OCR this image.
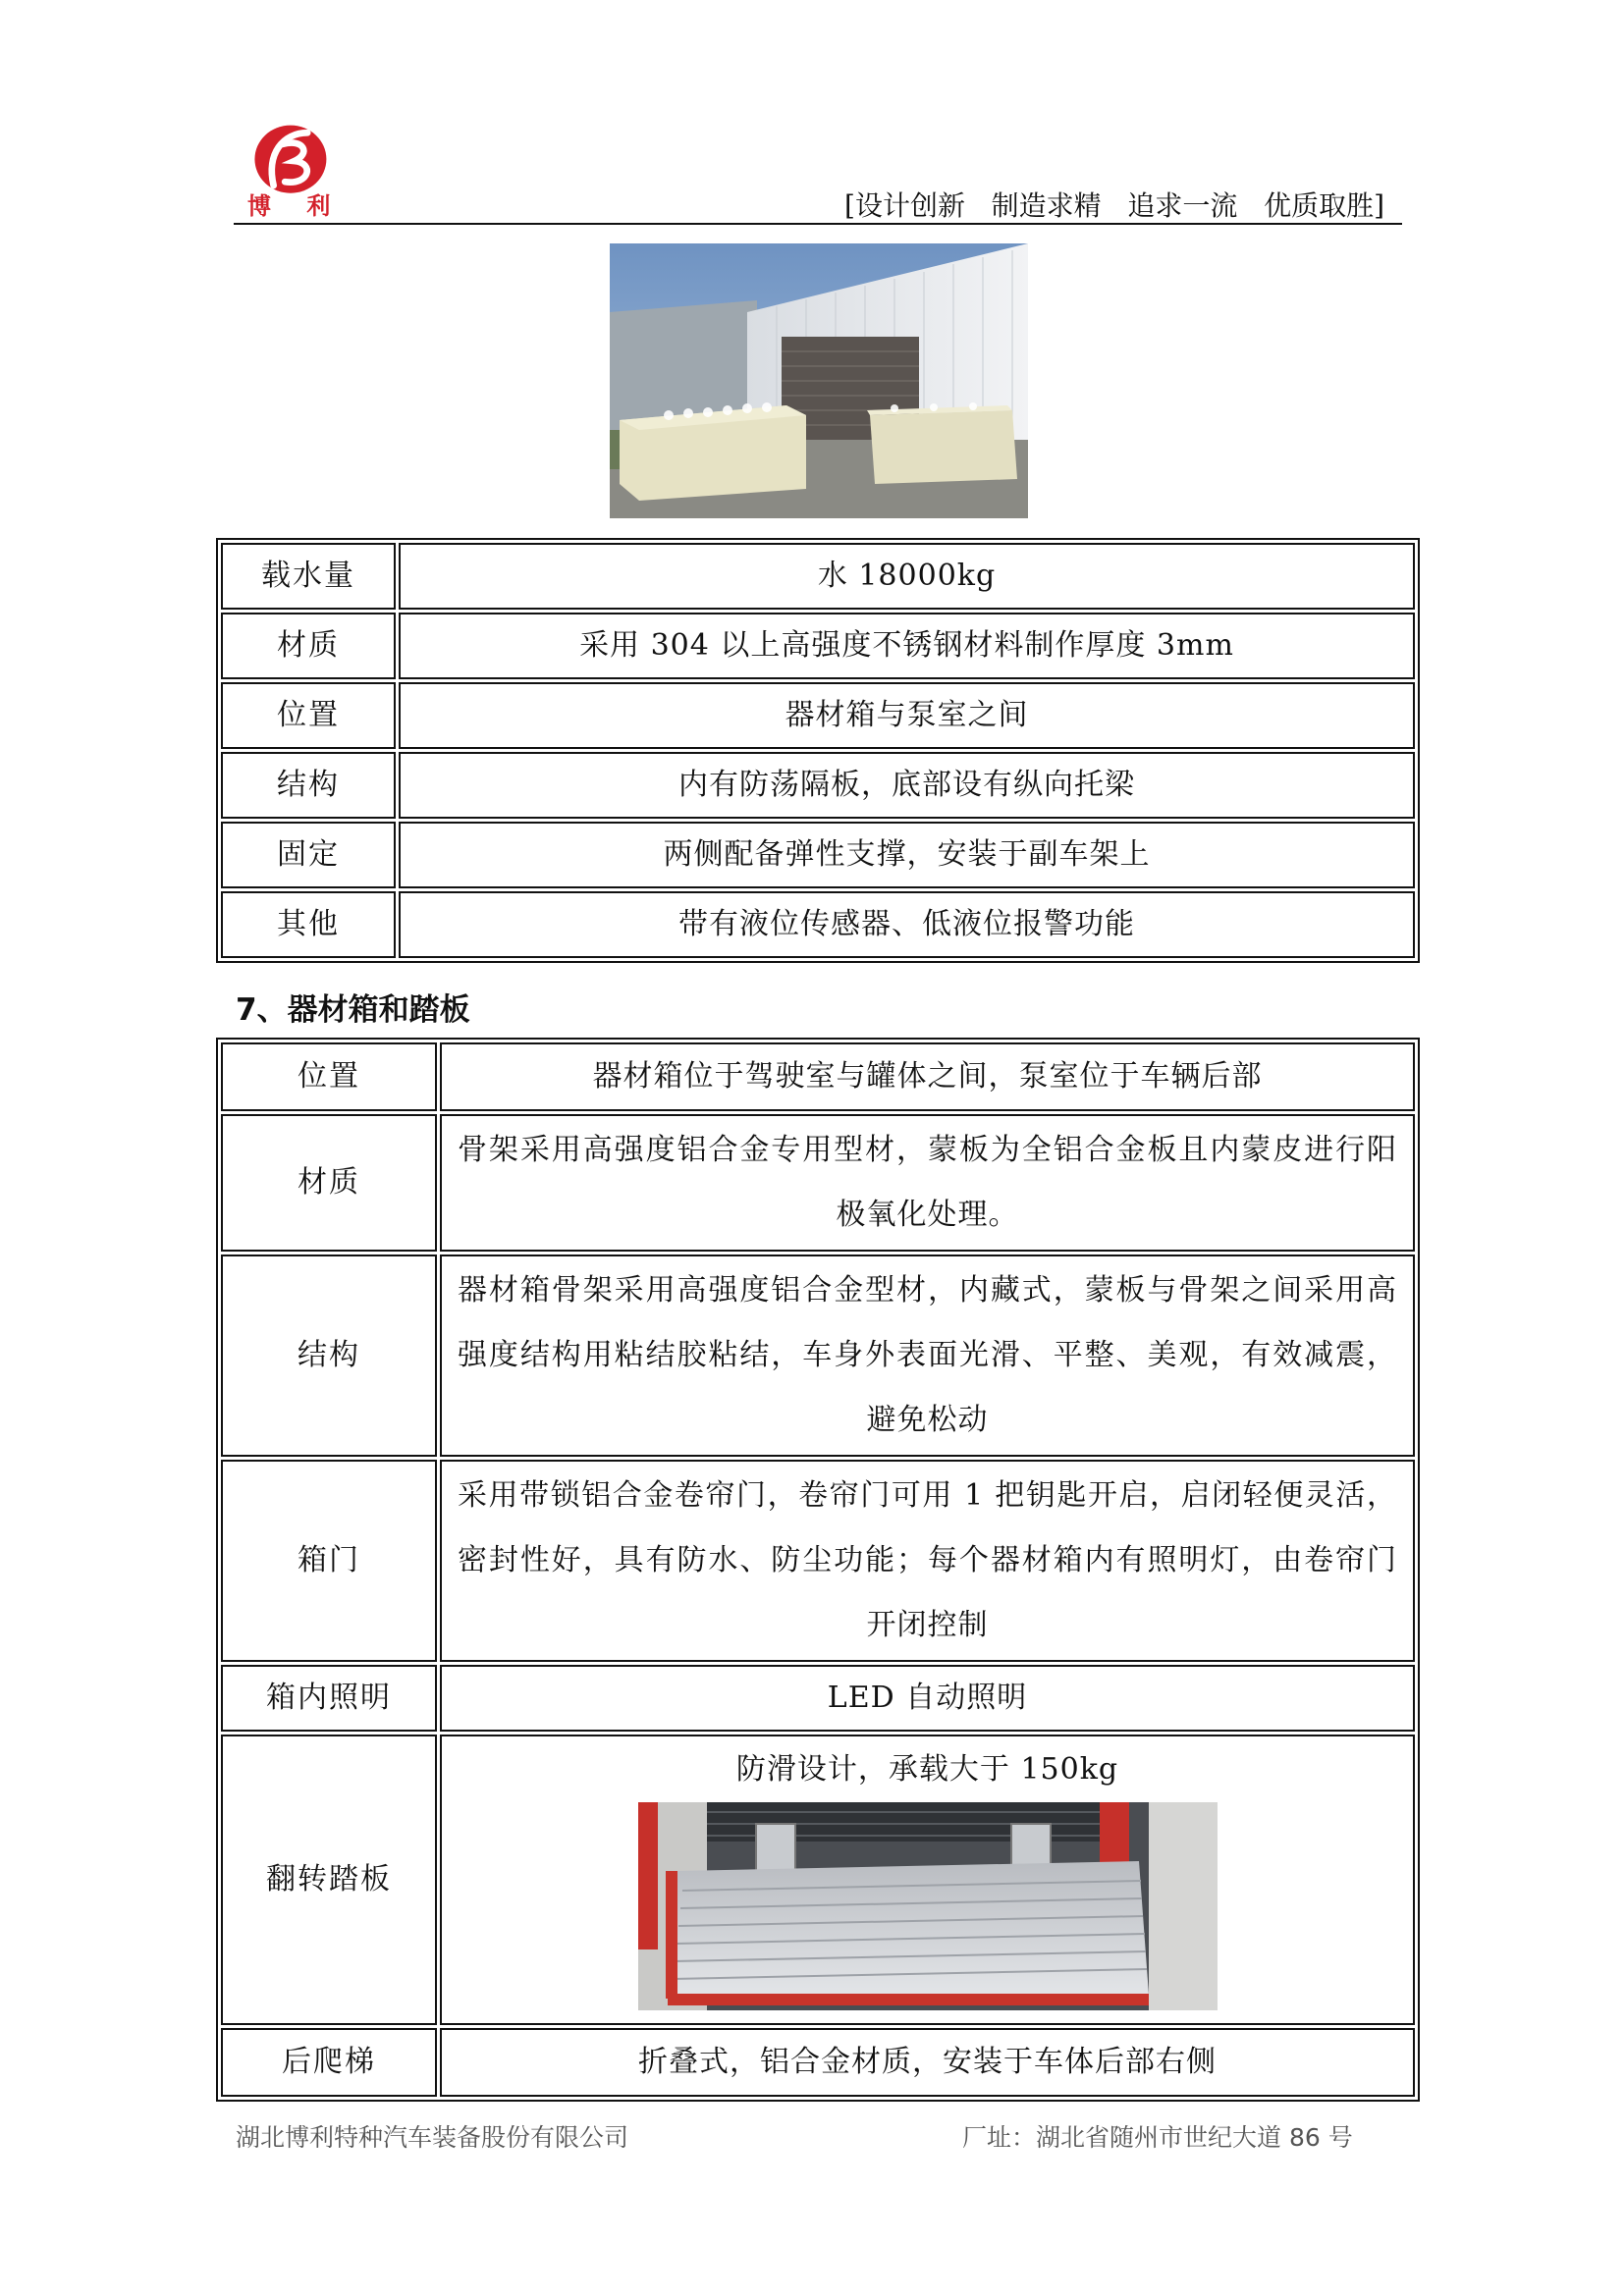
博 利	[设计创新   制造求精   追求一流   优质取胜]
载水量	水 18000kg
材质	采用 304 以上高强度不锈钢材料制作厚度 3mm
位置	器材箱与泵室之间
结构	内有防荡隔板，底部设有纵向托梁
固定	两侧配备弹性支撑，安装于副车架上
其他	带有液位传感器、低液位报警功能
7、器材箱和踏板
位置	器材箱位于驾驶室与罐体之间，泵室位于车辆后部
材质	骨架采用高强度铝合金专用型材，蒙板为全铝合金板且内蒙皮进行阳极氧化处理。
结构	器材箱骨架采用高强度铝合金型材，内藏式，蒙板与骨架之间采用高强度结构用粘结胶粘结，车身外表面光滑、平整、美观，有效减震，避免松动
箱门	采用带锁铝合金卷帘门，卷帘门可用 1 把钥匙开启，启闭轻便灵活，密封性好，具有防水、防尘功能；每个器材箱内有照明灯，由卷帘门开闭控制
箱内照明	LED 自动照明
翻转踏板	防滑设计，承载大于 150kg

后爬梯	折叠式，铝合金材质，安装于车体后部右侧
湖北博利特种汽车装备股份有限公司	厂址：湖北省随州市世纪大道 86 号
